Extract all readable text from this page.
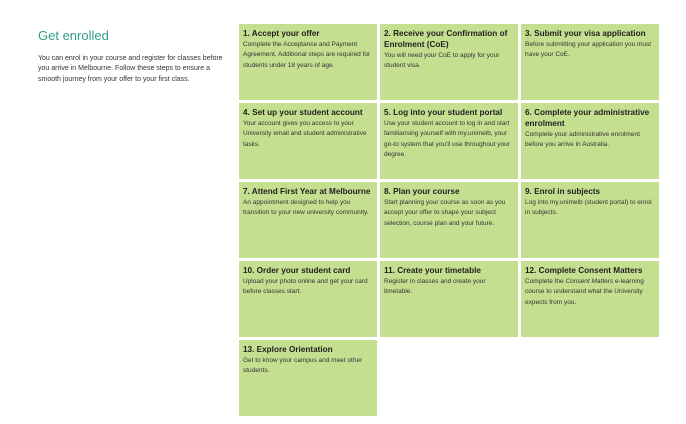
Get enrolled

You can enrol in your course and register for classes before you arrive in Melbourne. Follow these steps to ensure a smooth journey from your offer to your first class.

1. Accept your offer
Complete the Acceptance and Payment Agreement. Additional steps are required for students under 18 years of age.
2. Receive your Confirmation of Enrolment (CoE)
You will need your CoE to apply for your student visa.
3. Submit your visa application
Before submitting your application you must have your CoE.
4. Set up your student account
Your account gives you access to your University email and student administrative tasks.
5. Log into your student portal
Use your student account to log in and start familiarising yourself with my.unimelb, your go-to system that you'll use throughout your degree.
6. Complete your administrative enrolment
Complete your administrative enrolment before you arrive in Australia.
7. Attend First Year at Melbourne
An appointment designed to help you transition to your new university community.
8. Plan your course
Start planning your course as soon as you accept your offer to shape your subject selection, course plan and your future.
9. Enrol in subjects
Log into my.unimelb (student portal) to enrol in subjects.
10. Order your student card
Upload your photo online and get your card before classes start.
11. Create your timetable
Register in classes and create your timetable.
12. Complete Consent Matters
Complete the Consent Matters e-learning course to understand what the University expects from you.
13. Explore Orientation
Get to know your campus and meet other students.
